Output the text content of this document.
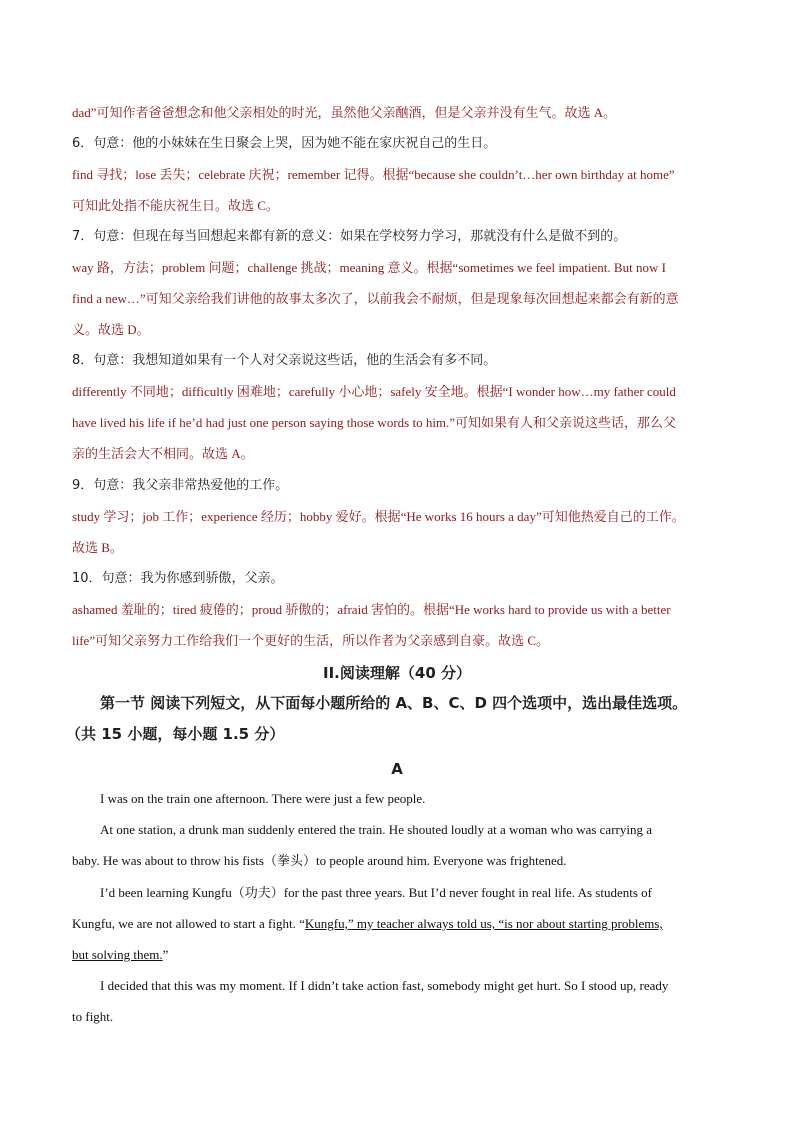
dad”可知作者爸爸想念和他父亲相处的时光，虽然他父亲酗酒，但是父亲并没有生气。故选 A。
6．句意：他的小妹妹在生日聚会上哭，因为她不能在家庆祝自己的生日。
find 寻找；lose 丢失；celebrate 庆祝；remember 记得。根据“because she couldn’t…her own birthday at home”
可知此处指不能庆祝生日。故选 C。
7．句意：但现在每当回想起来都有新的意义：如果在学校努力学习，那就没有什么是做不到的。
way 路，方法；problem 问题；challenge 挑战；meaning 意义。根据“sometimes we feel impatient. But now I
find a new…”可知父亲给我们讲他的故事太多次了，以前我会不耐烦，但是现象每次回想起来都会有新的意
义。故选 D。
8．句意：我想知道如果有一个人对父亲说这些话，他的生活会有多不同。
differently 不同地；difficultly 困难地；carefully 小心地；safely 安全地。根据“I wonder how…my father could
have lived his life if he’d had just one person saying those words to him.”可知如果有人和父亲说这些话，那么父
亲的生活会大不相同。故选 A。
9．句意：我父亲非常热爱他的工作。
study 学习；job 工作；experience 经历；hobby 爱好。根据“He works 16 hours a day”可知他热爱自己的工作。
故选 B。
10．句意：我为你感到骄傲，父亲。
ashamed 羞耻的；tired 疲倦的；proud 骄傲的；afraid 害怕的。根据“He works hard to provide us with a better
life”可知父亲努力工作给我们一个更好的生活，所以作者为父亲感到自豪。故选 C。
II.阅读理解（40 分）
第一节 阅读下列短文，从下面每小题所给的 A、B、C、D 四个选项中，选出最佳选项。
（共 15 小题，每小题 1.5 分）
A
I was on the train one afternoon. There were just a few people.
At one station, a drunk man suddenly entered the train. He shouted loudly at a woman who was carrying a
baby. He was about to throw his fists（拳头）to people around him. Everyone was frightened.
I’d been learning Kungfu（功夫）for the past three years. But I’d never fought in real life. As students of
Kungfu, we are not allowed to start a fight. “Kungfu,” my teacher always told us, “is nor about starting problems,
but solving them.”
I decided that this was my moment. If I didn’t take action fast, somebody might get hurt. So I stood up, ready
to fight.
